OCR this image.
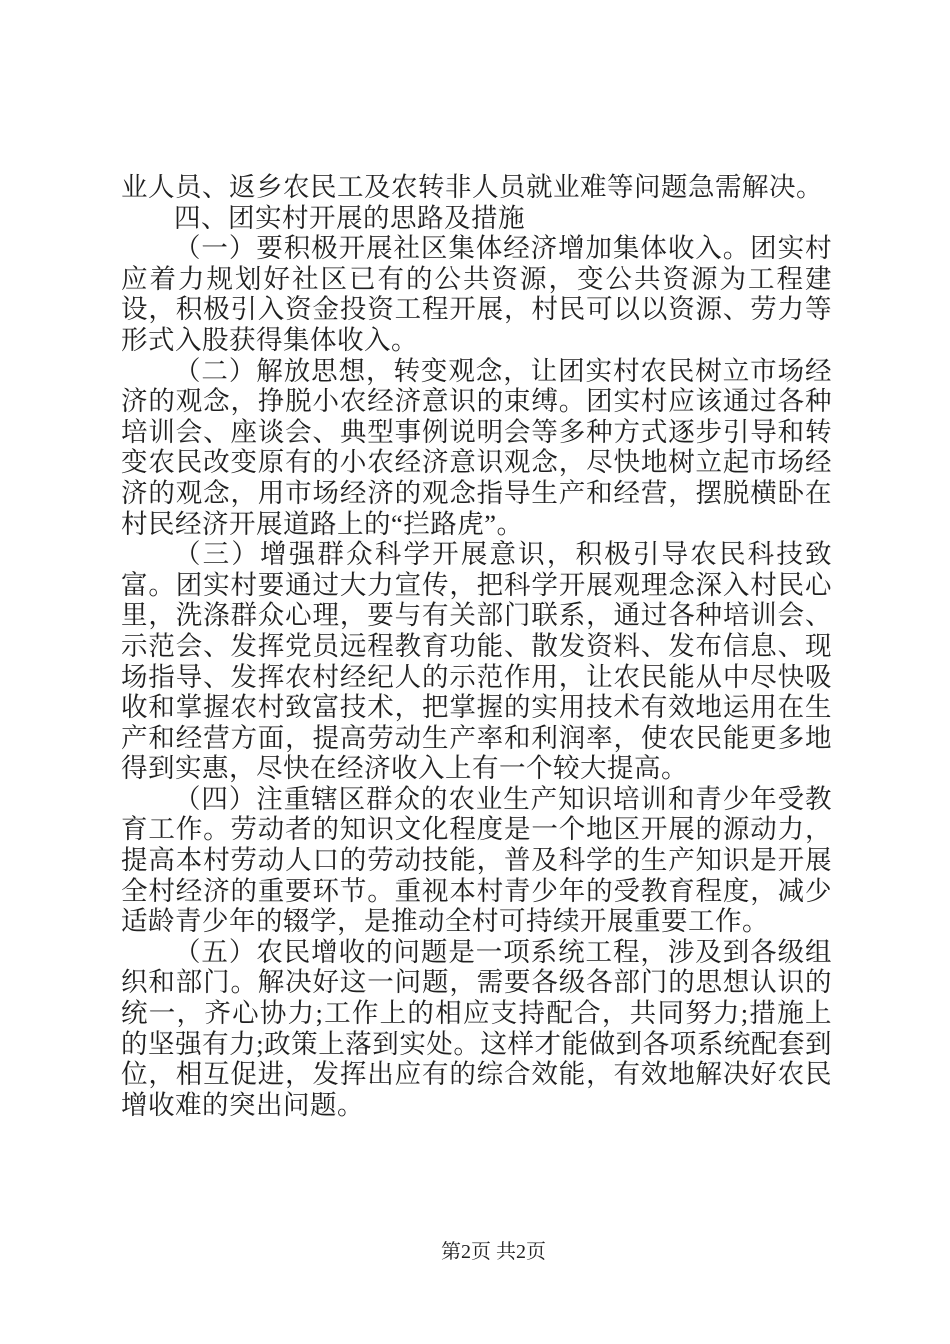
业人员、返乡农民工及农转非人员就业难等问题急需解决。

四、团实村开展的思路及措施

（一）要积极开展社区集体经济增加集体收入。团实村应着力规划好社区已有的公共资源，变公共资源为工程建设，积极引入资金投资工程开展，村民可以以资源、劳力等形式入股获得集体收入。

（二）解放思想，转变观念，让团实村农民树立市场经济的观念，挣脱小农经济意识的束缚。团实村应该通过各种培训会、座谈会、典型事例说明会等多种方式逐步引导和转变农民改变原有的小农经济意识观念，尽快地树立起市场经济的观念，用市场经济的观念指导生产和经营，摆脱横卧在村民经济开展道路上的“拦路虎”。

（三）增强群众科学开展意识，积极引导农民科技致富。团实村要通过大力宣传，把科学开展观理念深入村民心里，洗涤群众心理，要与有关部门联系，通过各种培训会、示范会、发挥党员远程教育功能、散发资料、发布信息、现场指导、发挥农村经纪人的示范作用，让农民能从中尽快吸收和掌握农村致富技术，把掌握的实用技术有效地运用在生产和经营方面，提高劳动生产率和利润率，使农民能更多地得到实惠，尽快在经济收入上有一个较大提高。

（四）注重辖区群众的农业生产知识培训和青少年受教育工作。劳动者的知识文化程度是一个地区开展的源动力，提高本村劳动人口的劳动技能，普及科学的生产知识是开展全村经济的重要环节。重视本村青少年的受教育程度，减少适龄青少年的辍学，是推动全村可持续开展重要工作。

（五）农民增收的问题是一项系统工程，涉及到各级组织和部门。解决好这一问题，需要各级各部门的思想认识的统一，齐心协力;工作上的相应支持配合，共同努力;措施上的坚强有力;政策上落到实处。这样才能做到各项系统配套到位，相互促进，发挥出应有的综合效能，有效地解决好农民增收难的突出问题。

第2页 共2页
